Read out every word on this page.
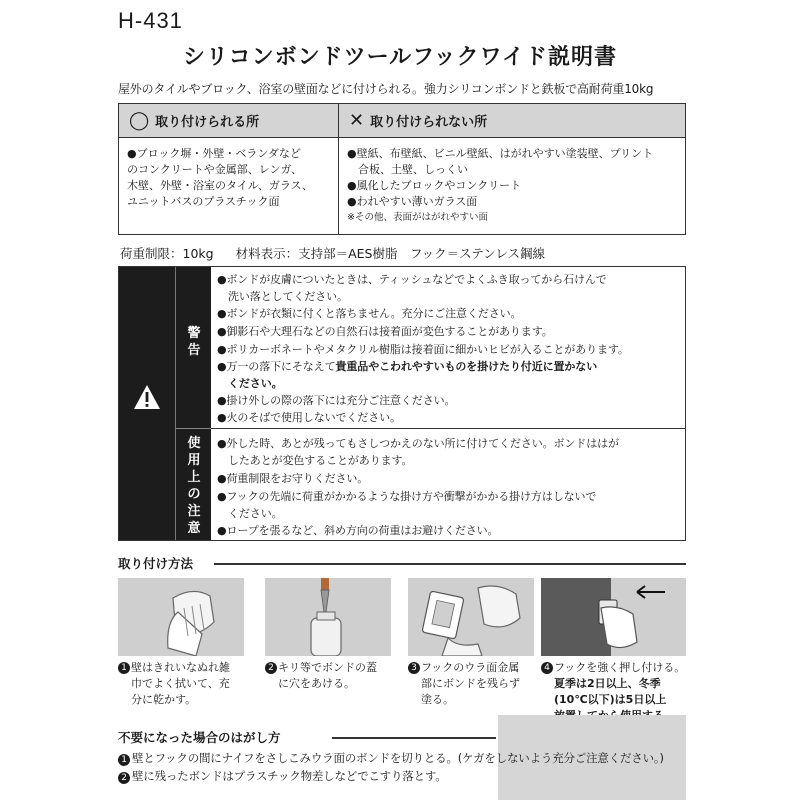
H-431
シリコンボンドツールフックワイド説明書
屋外のタイルやブロック、浴室の壁面などに付けられる。強力シリコンボンドと鉄板で高耐荷重10kg
◯ 取り付けられる所
●ブロック塀・外壁・ベランダなど
のコンクリートや金属部、レンガ、
木壁、外壁・浴室のタイル、ガラス、
ユニットバスのプラスチック面
✕ 取り付けられない所
●壁紙、布壁紙、ビニル壁紙、はがれやすい塗装壁、プリント
合板、土壁、しっくい
●風化したブロックやコンクリート
●われやすい薄いガラス面
※その他、表面がはがれやすい面
荷重制限：10kg 材料表示：支持部＝AES樹脂　フック＝ステンレス鋼線
警告
使用上の注意
●ボンドが皮膚についたときは、ティッシュなどでよくふき取ってから石けんで
洗い落としてください。
●ボンドが衣類に付くと落ちません。充分にご注意ください。
●御影石や大理石などの自然石は接着面が変色することがあります。
●ポリカーボネートやメタクリル樹脂は接着面に細かいヒビが入ることがあります。
●万一の落下にそなえて貴重品やこわれやすいものを掛けたり付近に置かない
ください。
●掛け外しの際の落下には充分ご注意ください。
●火のそばで使用しないでください。
●外した時、あとが残ってもさしつかえのない所に付けてください。ボンドははが
したあとが変色することがあります。
●荷重制限をお守りください。
●フックの先端に荷重がかかるような掛け方や衝撃がかかる掛け方はしないで
ください。
●ロープを張るなど、斜め方向の荷重はお避けください。
取り付け方法
1 壁はきれいなぬれ雑
巾でよく拭いて、充
分に乾かす。
2 キリ等でボンドの蓋
に穴をあける。
3 フックのウラ面金属
部にボンドを残らず
塗る。
4 フックを強く押し付ける。
夏季は2日以上、冬季
(10℃以下)は5日以上
不要になった場合のはがし方
1 壁とフックの間にナイフをさしこみウラ面のボンドを切りとる。(ケガをしないよう充分ご注意ください。)
2 壁に残ったボンドはプラスチック物差しなどでこすり落とす。
